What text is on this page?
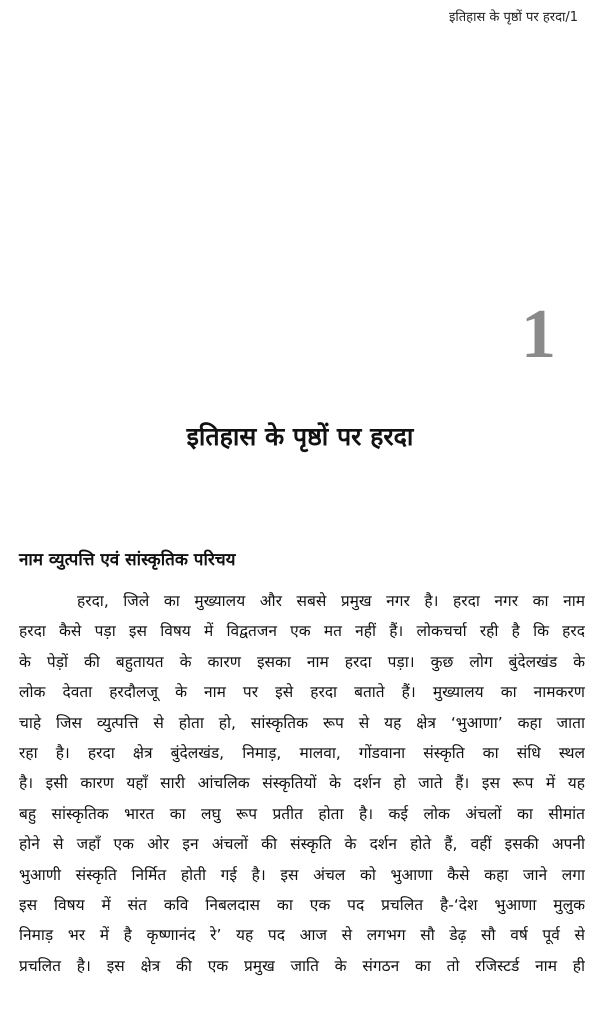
इतिहास के पृष्ठों पर हरदा/1
1
इतिहास के पृष्ठों पर हरदा
नाम व्युत्पत्ति एवं सांस्कृतिक परिचय
हरदा, जिले का मुख्यालय और सबसे प्रमुख नगर है। हरदा नगर का नाम
हरदा कैसे पड़ा इस विषय में विद्वतजन एक मत नहीं हैं। लोकचर्चा रही है कि हरद
के पेड़ों की बहुतायत के कारण इसका नाम हरदा पड़ा। कुछ लोग बुंदेलखंड के
लोक देवता हरदौलजू के नाम पर इसे हरदा बताते हैं। मुख्यालय का नामकरण
चाहे जिस व्युत्पत्ति से होता हो, सांस्कृतिक रूप से यह क्षेत्र ‘भुआणा’ कहा जाता
रहा है। हरदा क्षेत्र बुंदेलखंड, निमाड़, मालवा, गोंडवाना संस्कृति का संधि स्थल
है। इसी कारण यहाँ सारी आंचलिक संस्कृतियों के दर्शन हो जाते हैं। इस रूप में यह
बहु सांस्कृतिक भारत का लघु रूप प्रतीत होता है। कई लोक अंचलों का सीमांत
होने से जहाँ एक ओर इन अंचलों की संस्कृति के दर्शन होते हैं, वहीं इसकी अपनी
भुआणी संस्कृति निर्मित होती गई है। इस अंचल को भुआणा कैसे कहा जाने लगा
इस विषय में संत कवि निबलदास का एक पद प्रचलित है-‘देश भुआणा मुलुक
निमाड़ भर में है कृष्णानंद रे’ यह पद आज से लगभग सौ डेढ़ सौ वर्ष पूर्व से
प्रचलित है। इस क्षेत्र की एक प्रमुख जाति के संगठन का तो रजिस्टर्ड नाम ही
